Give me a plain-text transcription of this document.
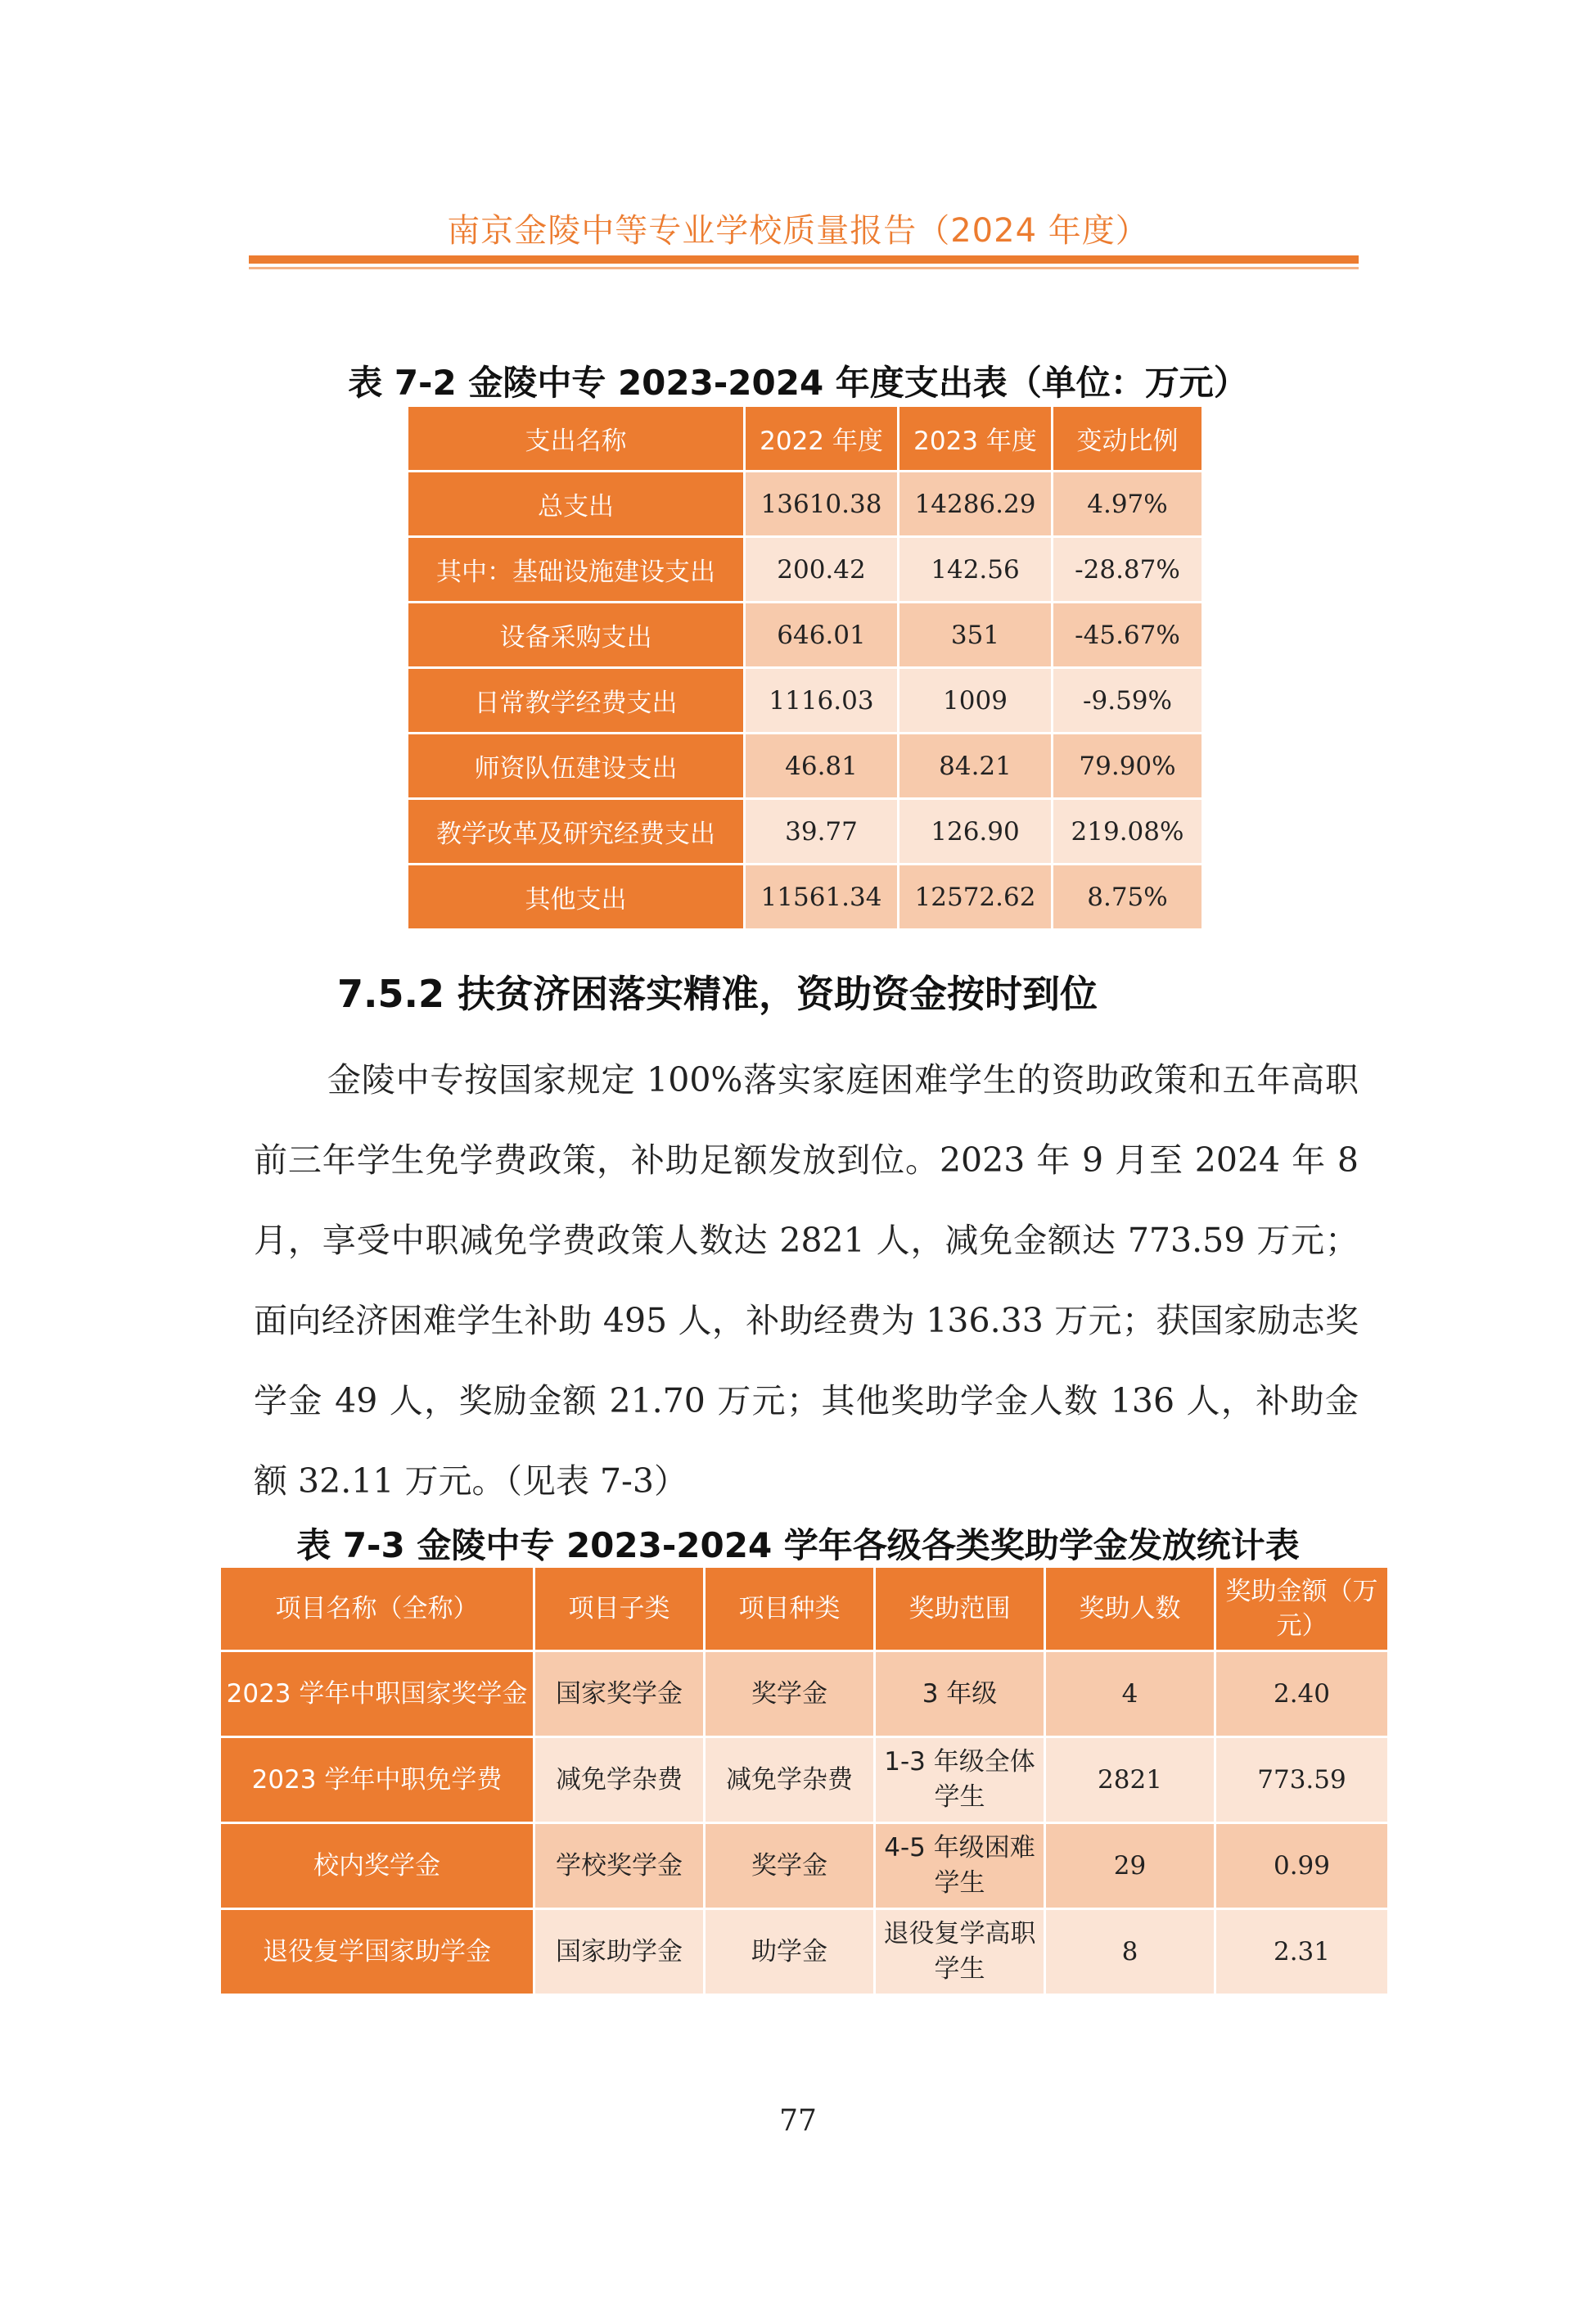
南京金陵中等专业学校质量报告（2024 年度）
表 7-2 金陵中专 2023-2024 年度支出表（单位：万元）
支出名称	2022 年度	2023 年度	变动比例
总支出	13610.38	14286.29	4.97%
其中：基础设施建设支出	200.42	142.56	-28.87%
设备采购支出	646.01	351	-45.67%
日常教学经费支出	1116.03	1009	-9.59%
师资队伍建设支出	46.81	84.21	79.90%
教学改革及研究经费支出	39.77	126.90	219.08%
其他支出	11561.34	12572.62	8.75%
7.5.2 扶贫济困落实精准，资助资金按时到位

金陵中专按国家规定 100%落实家庭困难学生的资助政策和五年高职前三年学生免学费政策，补助足额发放到位。2023 年 9 月至 2024 年 8 月，享受中职减免学费政策人数达 2821 人，减免金额达 773.59 万元；面向经济困难学生补助 495 人，补助经费为 136.33 万元；获国家励志奖学金 49 人，奖励金额 21.70 万元；其他奖助学金人数 136 人，补助金额 32.11 万元。（见表 7-3）

表 7-3 金陵中专 2023-2024 学年各级各类奖助学金发放统计表
项目名称（全称）	项目子类	项目种类	奖助范围	奖助人数	奖助金额（万元）
2023 学年中职国家奖学金	国家奖学金	奖学金	3 年级	4	2.40
2023 学年中职免学费	减免学杂费	减免学杂费	1-3 年级全体学生	2821	773.59
校内奖学金	学校奖学金	奖学金	4-5 年级困难学生	29	0.99
退役复学国家助学金	国家助学金	助学金	退役复学高职学生	8	2.31
77
